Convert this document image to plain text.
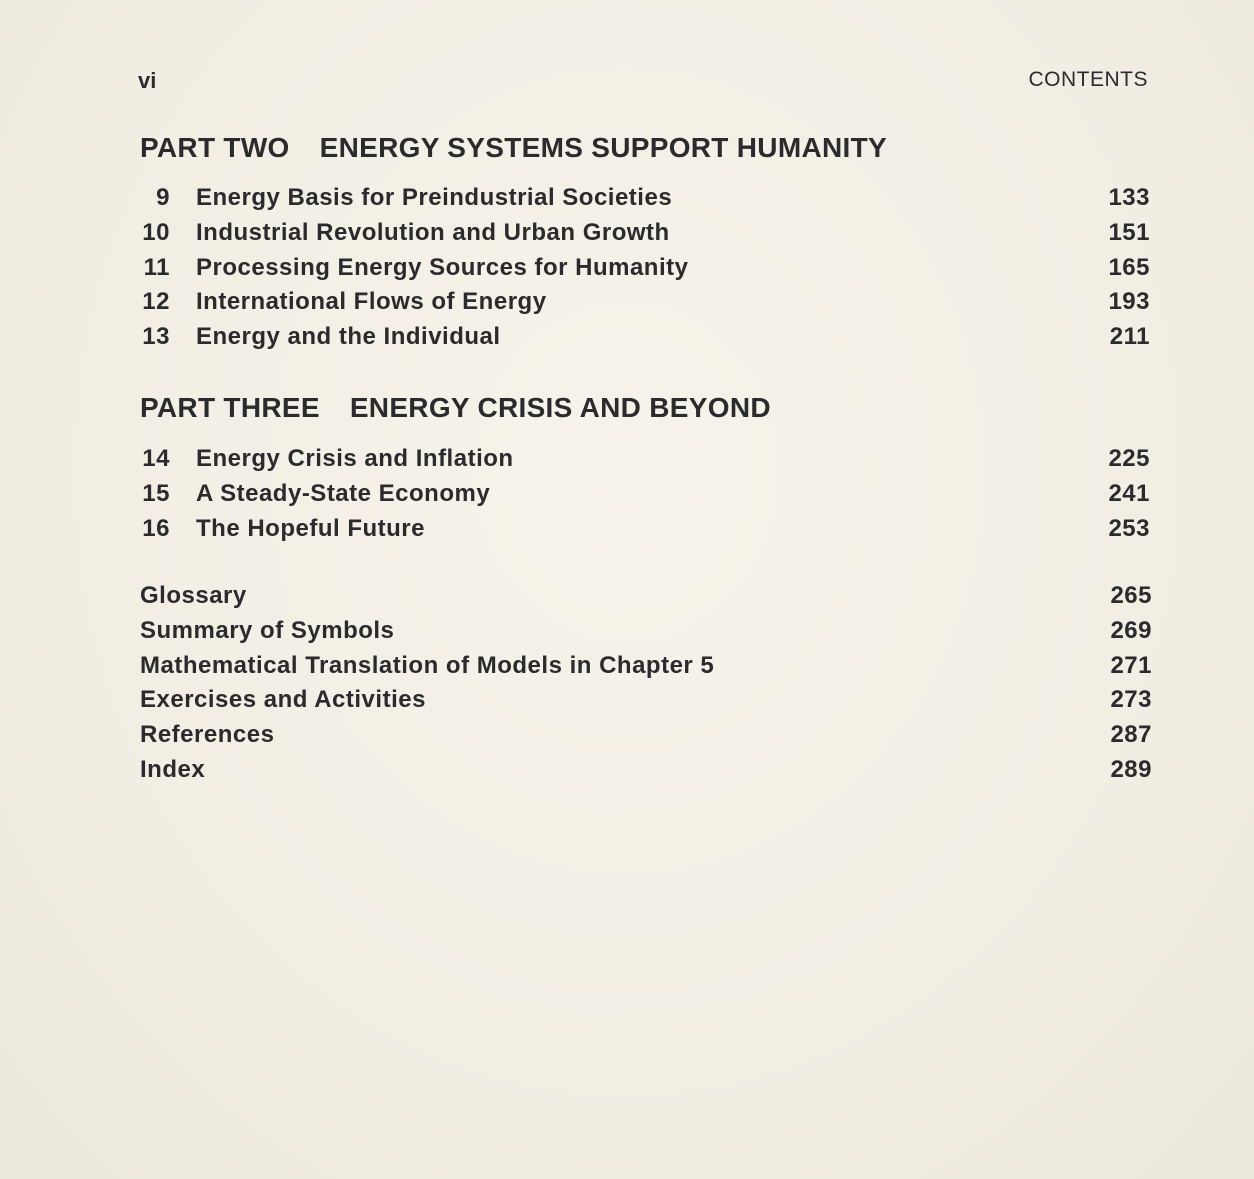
vi	CONTENTS
PART TWO ENERGY SYSTEMS SUPPORT HUMANITY
9	Energy Basis for Preindustrial Societies	133
10	Industrial Revolution and Urban Growth	151
11	Processing Energy Sources for Humanity	165
12	International Flows of Energy	193
13	Energy and the Individual	211
PART THREE ENERGY CRISIS AND BEYOND
14	Energy Crisis and Inflation	225
15	A Steady-State Economy	241
16	The Hopeful Future	253
Glossary	265
Summary of Symbols	269
Mathematical Translation of Models in Chapter 5	271
Exercises and Activities	273
References	287
Index	289
